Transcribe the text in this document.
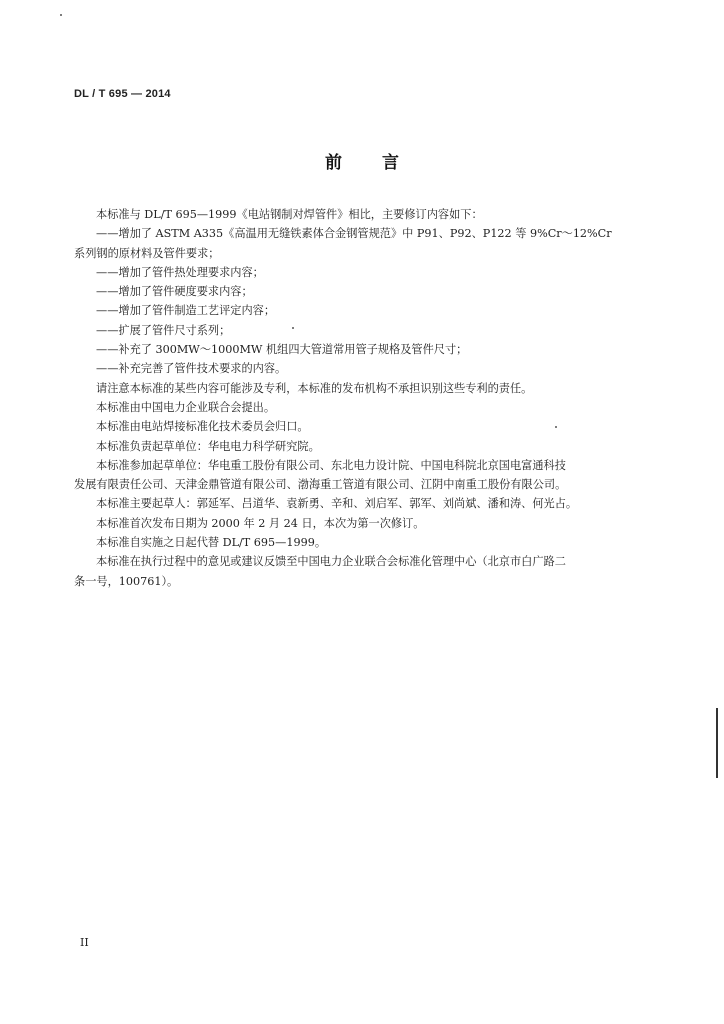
DL / T 695 — 2014
前言
本标准与 DL/T 695—1999《电站钢制对焊管件》相比，主要修订内容如下：
——增加了 ASTM A335《高温用无缝铁素体合金钢管规范》中 P91、P92、P122 等 9%Cr～12%Cr
系列钢的原材料及管件要求；
——增加了管件热处理要求内容；
——增加了管件硬度要求内容；
——增加了管件制造工艺评定内容；
——扩展了管件尺寸系列；
——补充了 300MW～1000MW 机组四大管道常用管子规格及管件尺寸；
——补充完善了管件技术要求的内容。
请注意本标准的某些内容可能涉及专利，本标准的发布机构不承担识别这些专利的责任。
本标准由中国电力企业联合会提出。
本标准由电站焊接标准化技术委员会归口。
本标准负责起草单位：华电电力科学研究院。
本标准参加起草单位：华电重工股份有限公司、东北电力设计院、中国电科院北京国电富通科技
发展有限责任公司、天津金鼎管道有限公司、渤海重工管道有限公司、江阴中南重工股份有限公司。
本标准主要起草人：郭延军、吕道华、袁新勇、辛和、刘启军、郭军、刘尚斌、潘和涛、何光占。
本标准首次发布日期为 2000 年 2 月 24 日，本次为第一次修订。
本标准自实施之日起代替 DL/T 695—1999。
本标准在执行过程中的意见或建议反馈至中国电力企业联合会标准化管理中心（北京市白广路二
条一号，100761）。
II
